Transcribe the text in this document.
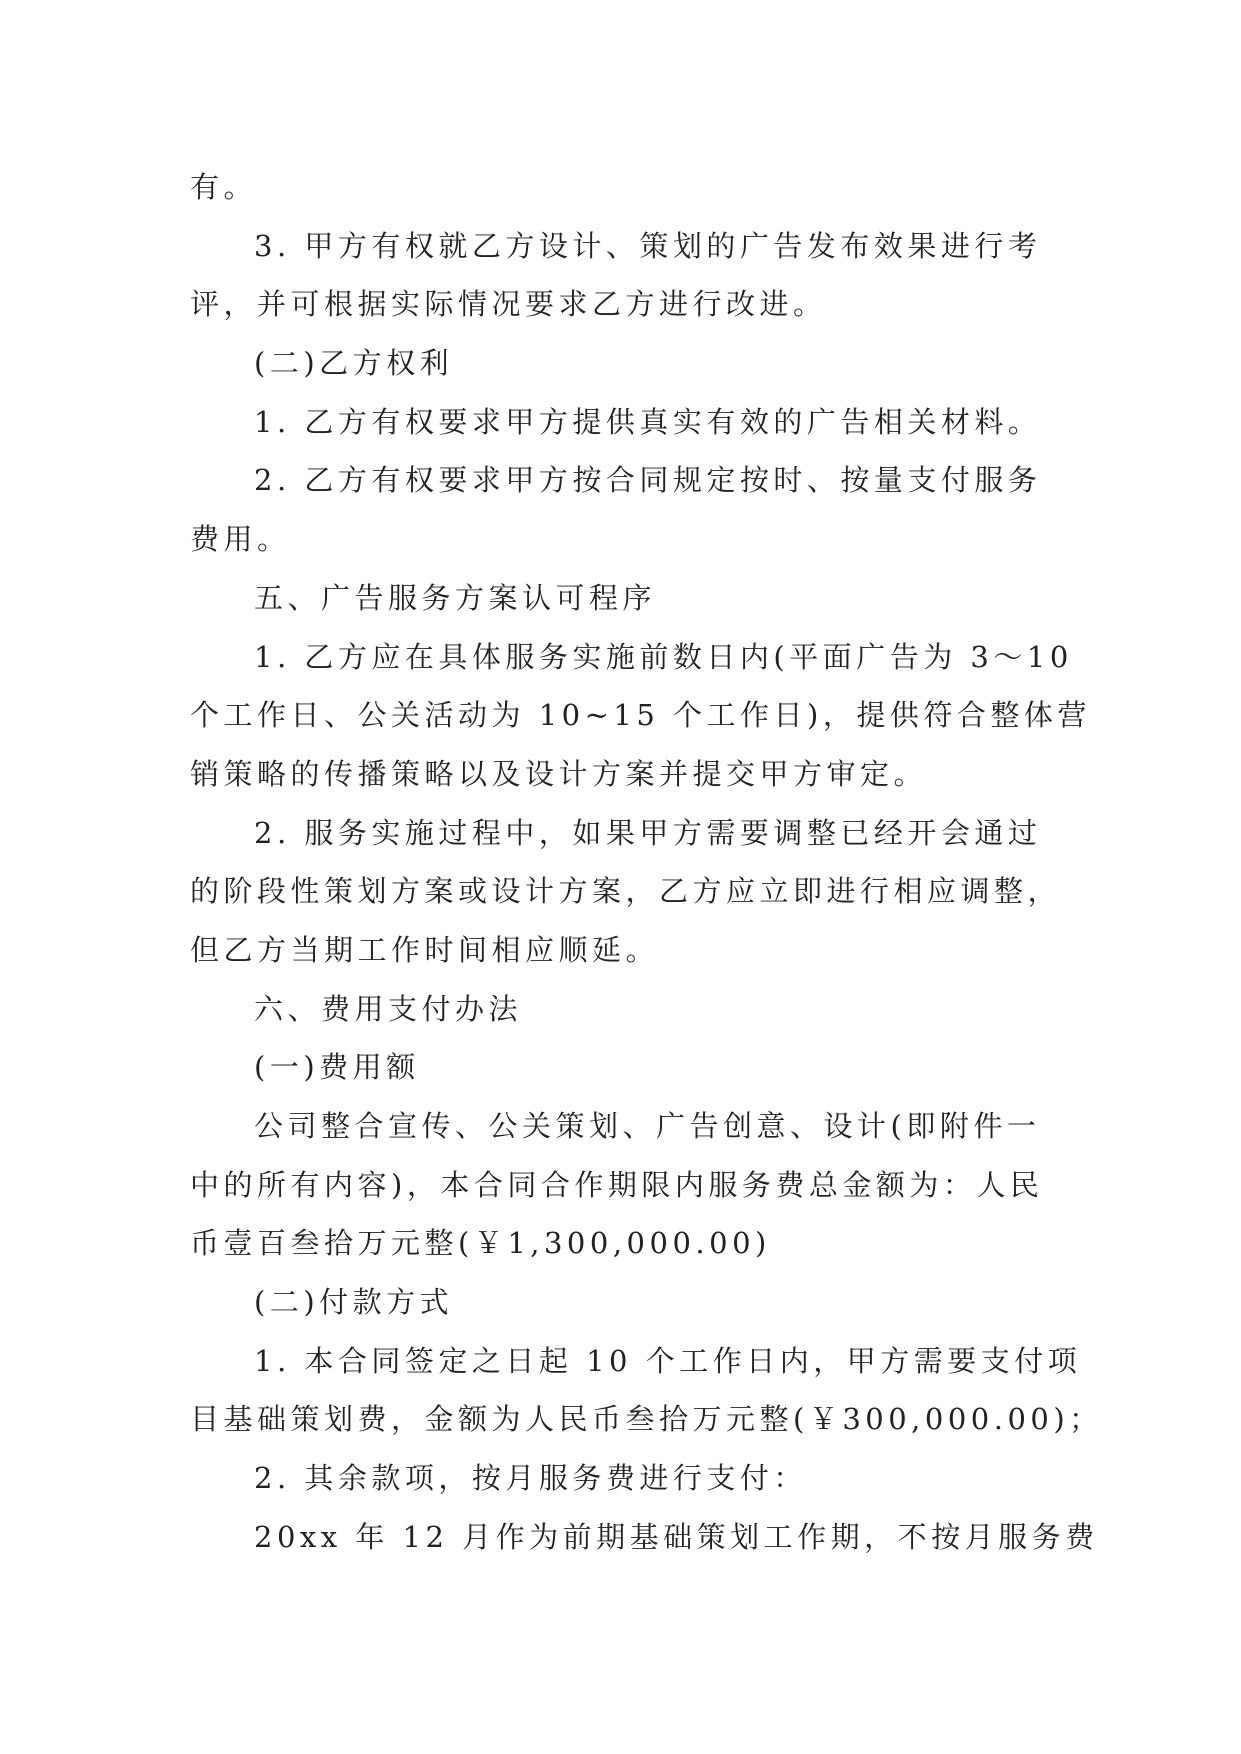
有。
3. 甲方有权就乙方设计、策划的广告发布效果进行考
评，并可根据实际情况要求乙方进行改进。
(二)乙方权利
1. 乙方有权要求甲方提供真实有效的广告相关材料。
2. 乙方有权要求甲方按合同规定按时、按量支付服务
费用。
五、广告服务方案认可程序
1. 乙方应在具体服务实施前数日内(平面广告为 3～10
个工作日、公关活动为 10~15 个工作日)，提供符合整体营
销策略的传播策略以及设计方案并提交甲方审定。
2. 服务实施过程中，如果甲方需要调整已经开会通过
的阶段性策划方案或设计方案，乙方应立即进行相应调整，
但乙方当期工作时间相应顺延。
六、费用支付办法
(一)费用额
公司整合宣传、公关策划、广告创意、设计(即附件一
中的所有内容)，本合同合作期限内服务费总金额为：人民
币壹百叁拾万元整(￥1,300,000.00)
(二)付款方式
1. 本合同签定之日起 10 个工作日内，甲方需要支付项
目基础策划费，金额为人民币叁拾万元整(￥300,000.00)；
2. 其余款项，按月服务费进行支付：
20xx 年 12 月作为前期基础策划工作期，不按月服务费
